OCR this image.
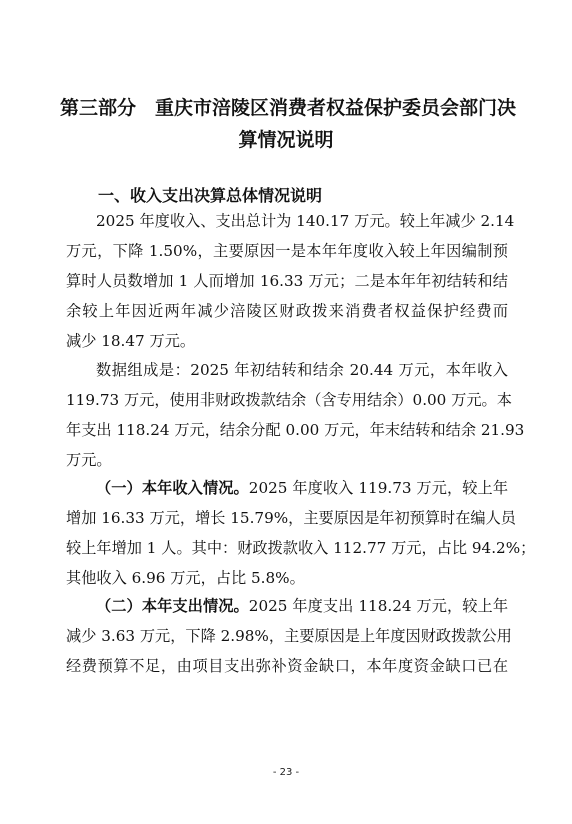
第三部分　重庆市涪陵区消费者权益保护委员会部门决
算情况说明
一、收入支出决算总体情况说明
2025 年度收入、支出总计为 140.17 万元。较上年减少 2.14
万元，下降 1.50%，主要原因一是本年年度收入较上年因编制预
算时人员数增加 1 人而增加 16.33 万元；二是本年年初结转和结
余较上年因近两年减少涪陵区财政拨来消费者权益保护经费而
减少 18.47 万元。
数据组成是：2025 年初结转和结余 20.44 万元，本年收入
119.73 万元，使用非财政拨款结余（含专用结余）0.00 万元。本
年支出 118.24 万元，结余分配 0.00 万元，年末结转和结余 21.93
万元。
（一）本年收入情况。2025 年度收入 119.73 万元，较上年
增加 16.33 万元，增长 15.79%，主要原因是年初预算时在编人员
较上年增加 1 人。其中：财政拨款收入 112.77 万元，占比 94.2%；
其他收入 6.96 万元，占比 5.8%。
（二）本年支出情况。2025 年度支出 118.24 万元，较上年
减少 3.63 万元，下降 2.98%，主要原因是上年度因财政拨款公用
经费预算不足，由项目支出弥补资金缺口，本年度资金缺口已在
- 23 -
